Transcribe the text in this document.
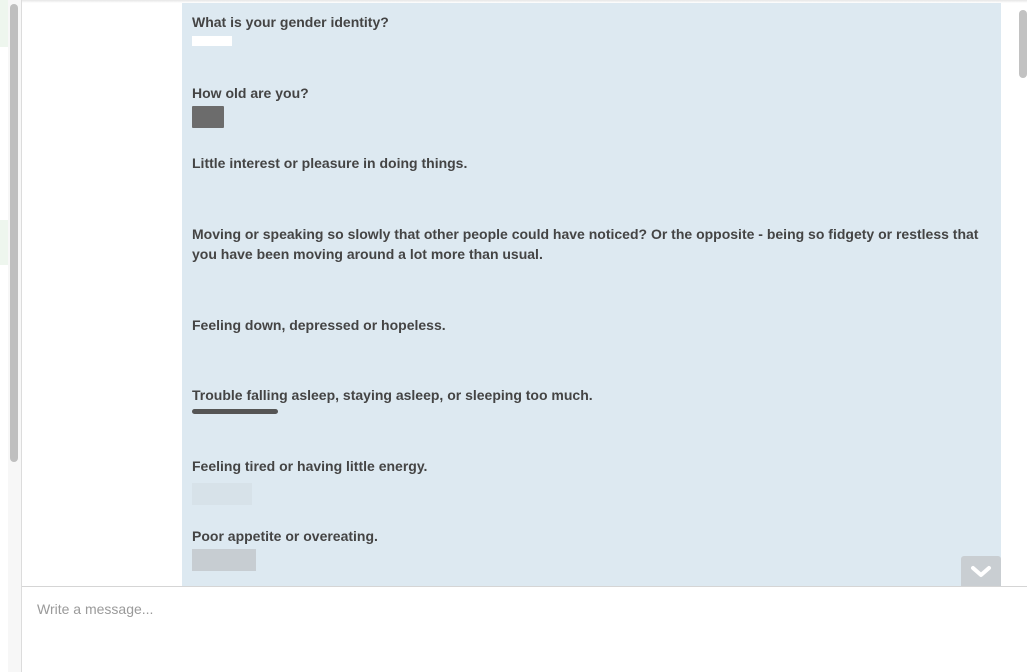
What is your gender identity?

How old are you?

Little interest or pleasure in doing things.

Moving or speaking so slowly that other people could have noticed? Or the opposite - being so fidgety or restless that you have been moving around a lot more than usual.

Feeling down, depressed or hopeless.

Trouble falling asleep, staying asleep, or sleeping too much.

Feeling tired or having little energy.

Poor appetite or overeating.

Write a message...
